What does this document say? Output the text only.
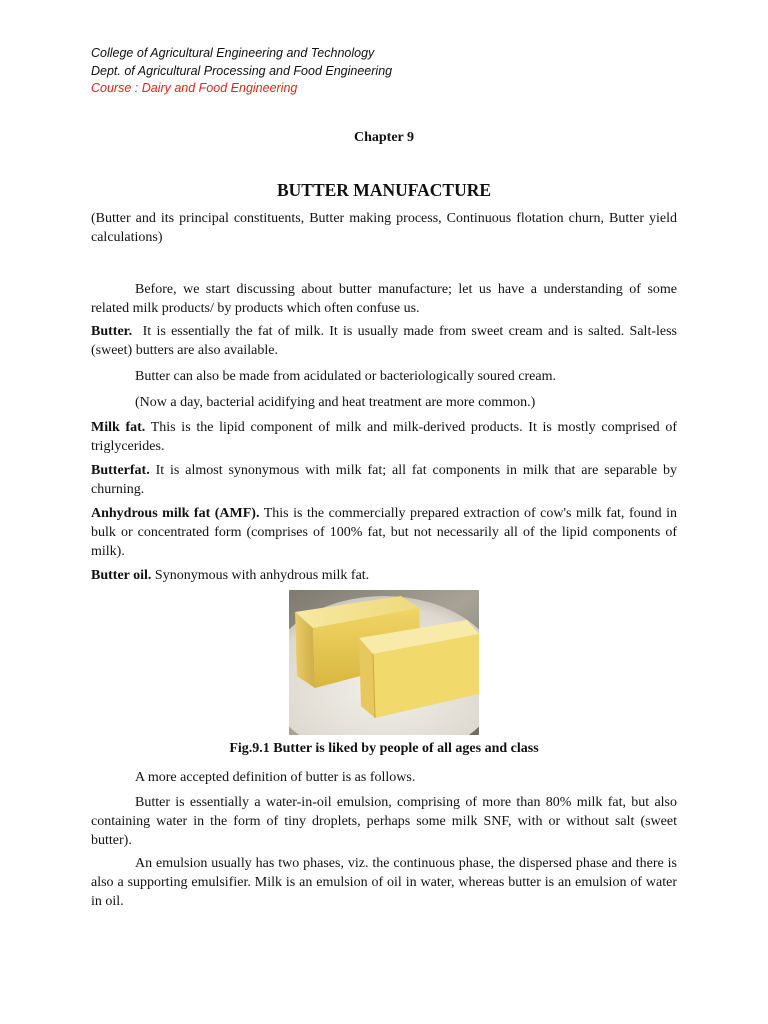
College of Agricultural Engineering and Technology
Dept. of Agricultural Processing and Food Engineering
Course : Dairy and Food Engineering
Chapter 9
BUTTER MANUFACTURE

(Butter and its principal constituents, Butter making process, Continuous flotation churn, Butter yield calculations)

Before, we start discussing about butter manufacture; let us have a understanding of some related milk products/ by products which often confuse us.

Butter. It is essentially the fat of milk. It is usually made from sweet cream and is salted. Salt-less (sweet) butters are also available.

Butter can also be made from acidulated or bacteriologically soured cream.

(Now a day, bacterial acidifying and heat treatment are more common.)

Milk fat. This is the lipid component of milk and milk-derived products. It is mostly comprised of triglycerides.

Butterfat. It is almost synonymous with milk fat; all fat components in milk that are separable by churning.

Anhydrous milk fat (AMF). This is the commercially prepared extraction of cow's milk fat, found in bulk or concentrated form (comprises of 100% fat, but not necessarily all of the lipid components of milk).

Butter oil. Synonymous with anhydrous milk fat.

Fig.9.1 Butter is liked by people of all ages and class

A more accepted definition of butter is as follows.

Butter is essentially a water-in-oil emulsion, comprising of more than 80% milk fat, but also containing water in the form of tiny droplets, perhaps some milk SNF, with or without salt (sweet butter).

An emulsion usually has two phases, viz. the continuous phase, the dispersed phase and there is also a supporting emulsifier. Milk is an emulsion of oil in water, whereas butter is an emulsion of water in oil.
